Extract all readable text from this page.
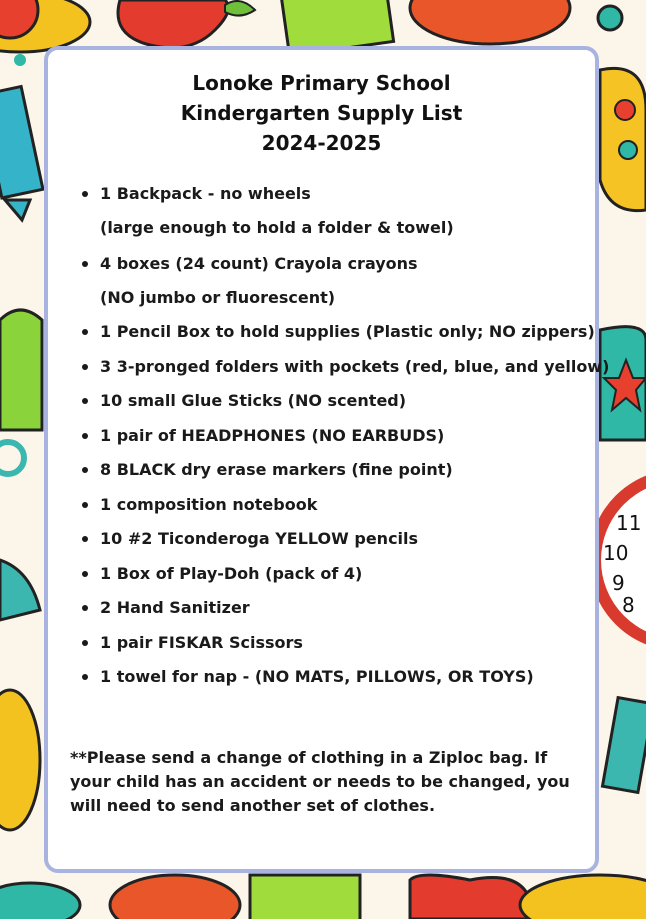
10
9
8
11
Lonoke Primary School
Kindergarten Supply List
2024-2025
1 Backpack - no wheels
(large enough to hold a folder & towel)
4 boxes (24 count) Crayola crayons
(NO jumbo or fluorescent)
1 Pencil Box to hold supplies (Plastic only; NO zippers)
3 3-pronged folders with pockets (red, blue, and yellow)
10 small Glue Sticks (NO scented)
1 pair of HEADPHONES (NO EARBUDS)
8 BLACK dry erase markers (fine point)
1 composition notebook
10 #2 Ticonderoga YELLOW pencils
1 Box of Play-Doh (pack of 4)
2 Hand Sanitizer
1 pair FISKAR Scissors
1 towel for nap - (NO MATS, PILLOWS, OR TOYS)
**Please send a change of clothing in a Ziploc bag. If your child has an accident or needs to be changed, you will need to send another set of clothes.
